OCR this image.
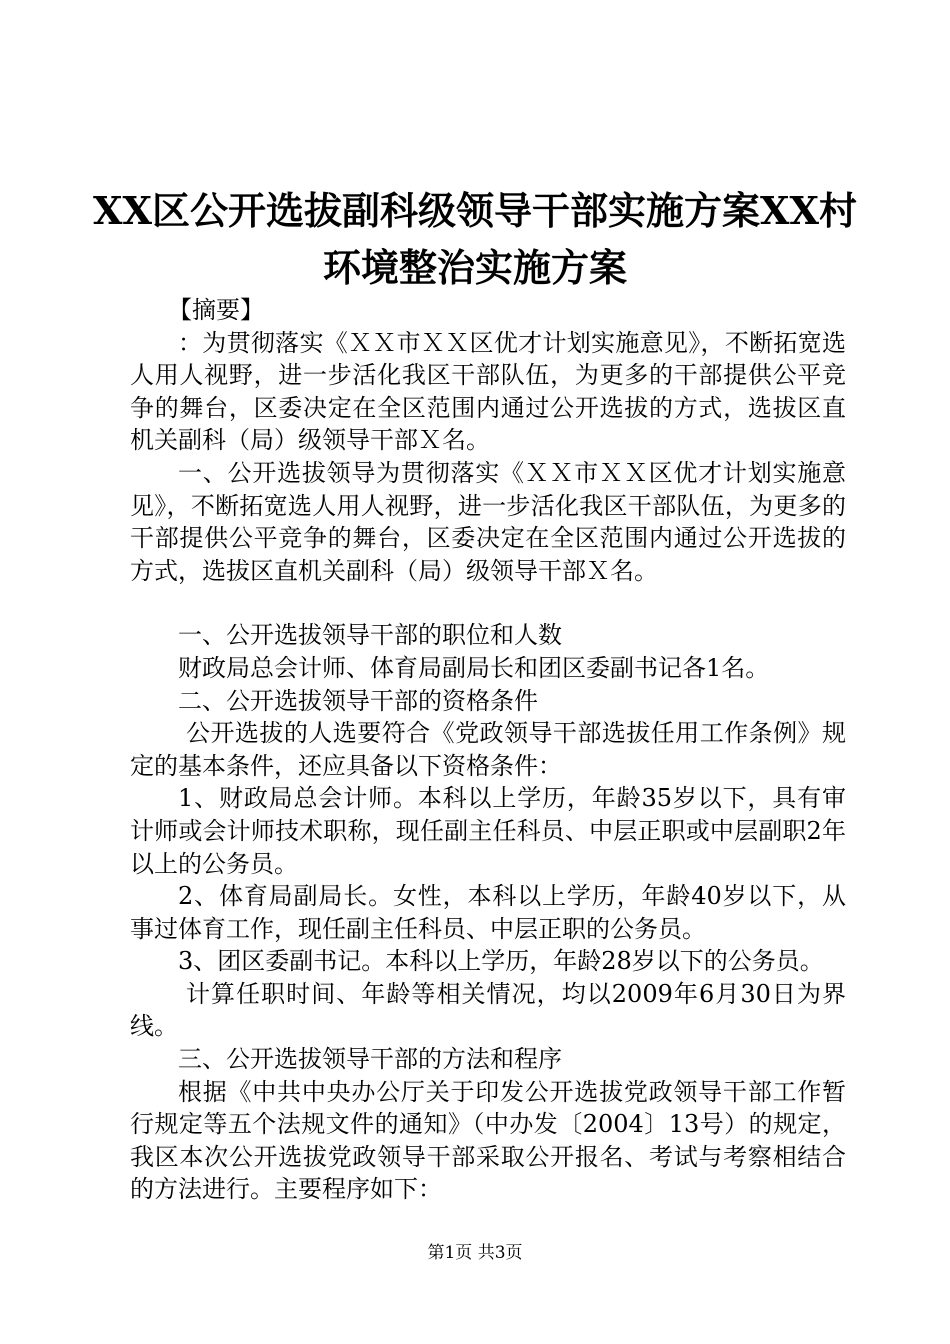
XX区公开选拔副科级领导干部实施方案XX村
环境整治实施方案

【摘要】

：为贯彻落实《ＸＸ市ＸＸ区优才计划实施意见》，不断拓宽选人用人视野，进一步活化我区干部队伍，为更多的干部提供公平竞争的舞台，区委决定在全区范围内通过公开选拔的方式，选拔区直机关副科（局）级领导干部Ｘ名。

一、公开选拔领导为贯彻落实《ＸＸ市ＸＸ区优才计划实施意见》，不断拓宽选人用人视野，进一步活化我区干部队伍，为更多的干部提供公平竞争的舞台，区委决定在全区范围内通过公开选拔的方式，选拔区直机关副科（局）级领导干部Ｘ名。

一、公开选拔领导干部的职位和人数

财政局总会计师、体育局副局长和团区委副书记各1名。

二、公开选拔领导干部的资格条件

公开选拔的人选要符合《党政领导干部选拔任用工作条例》规定的基本条件，还应具备以下资格条件：

1、财政局总会计师。本科以上学历，年龄35岁以下，具有审计师或会计师技术职称，现任副主任科员、中层正职或中层副职2年以上的公务员。

2、体育局副局长。女性，本科以上学历，年龄40岁以下，从事过体育工作，现任副主任科员、中层正职的公务员。

3、团区委副书记。本科以上学历，年龄28岁以下的公务员。

计算任职时间、年龄等相关情况，均以2009年6月30日为界线。

三、公开选拔领导干部的方法和程序

根据《中共中央办公厅关于印发公开选拔党政领导干部工作暂行规定等五个法规文件的通知》（中办发〔2004〕13号）的规定，我区本次公开选拔党政领导干部采取公开报名、考试与考察相结合的方法进行。主要程序如下：

第1页 共3页
